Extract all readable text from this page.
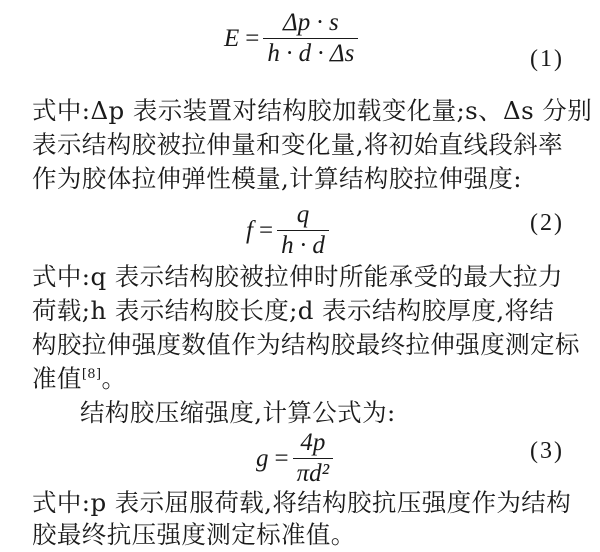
$E = \frac{\Delta p \cdot s}{h \cdot d \cdot \Delta s}$	(1)
式中:Δp 表示装置对结构胶加载变化量;s、Δs 分别
表示结构胶被拉伸量和变化量,将初始直线段斜率
作为胶体拉伸弹性模量,计算结构胶拉伸强度:
$f = \frac{q}{h \cdot d}$	(2)
式中:q 表示结构胶被拉伸时所能承受的最大拉力
荷载;h 表示结构胶长度;d 表示结构胶厚度,将结
构胶拉伸强度数值作为结构胶最终拉伸强度测定标
准值[8]。
结构胶压缩强度,计算公式为:
$g = \frac{4p}{\text{πd²}}$	(3)
式中:p 表示屈服荷载,将结构胶抗压强度作为结构
胶最终抗压强度测定标准值。
